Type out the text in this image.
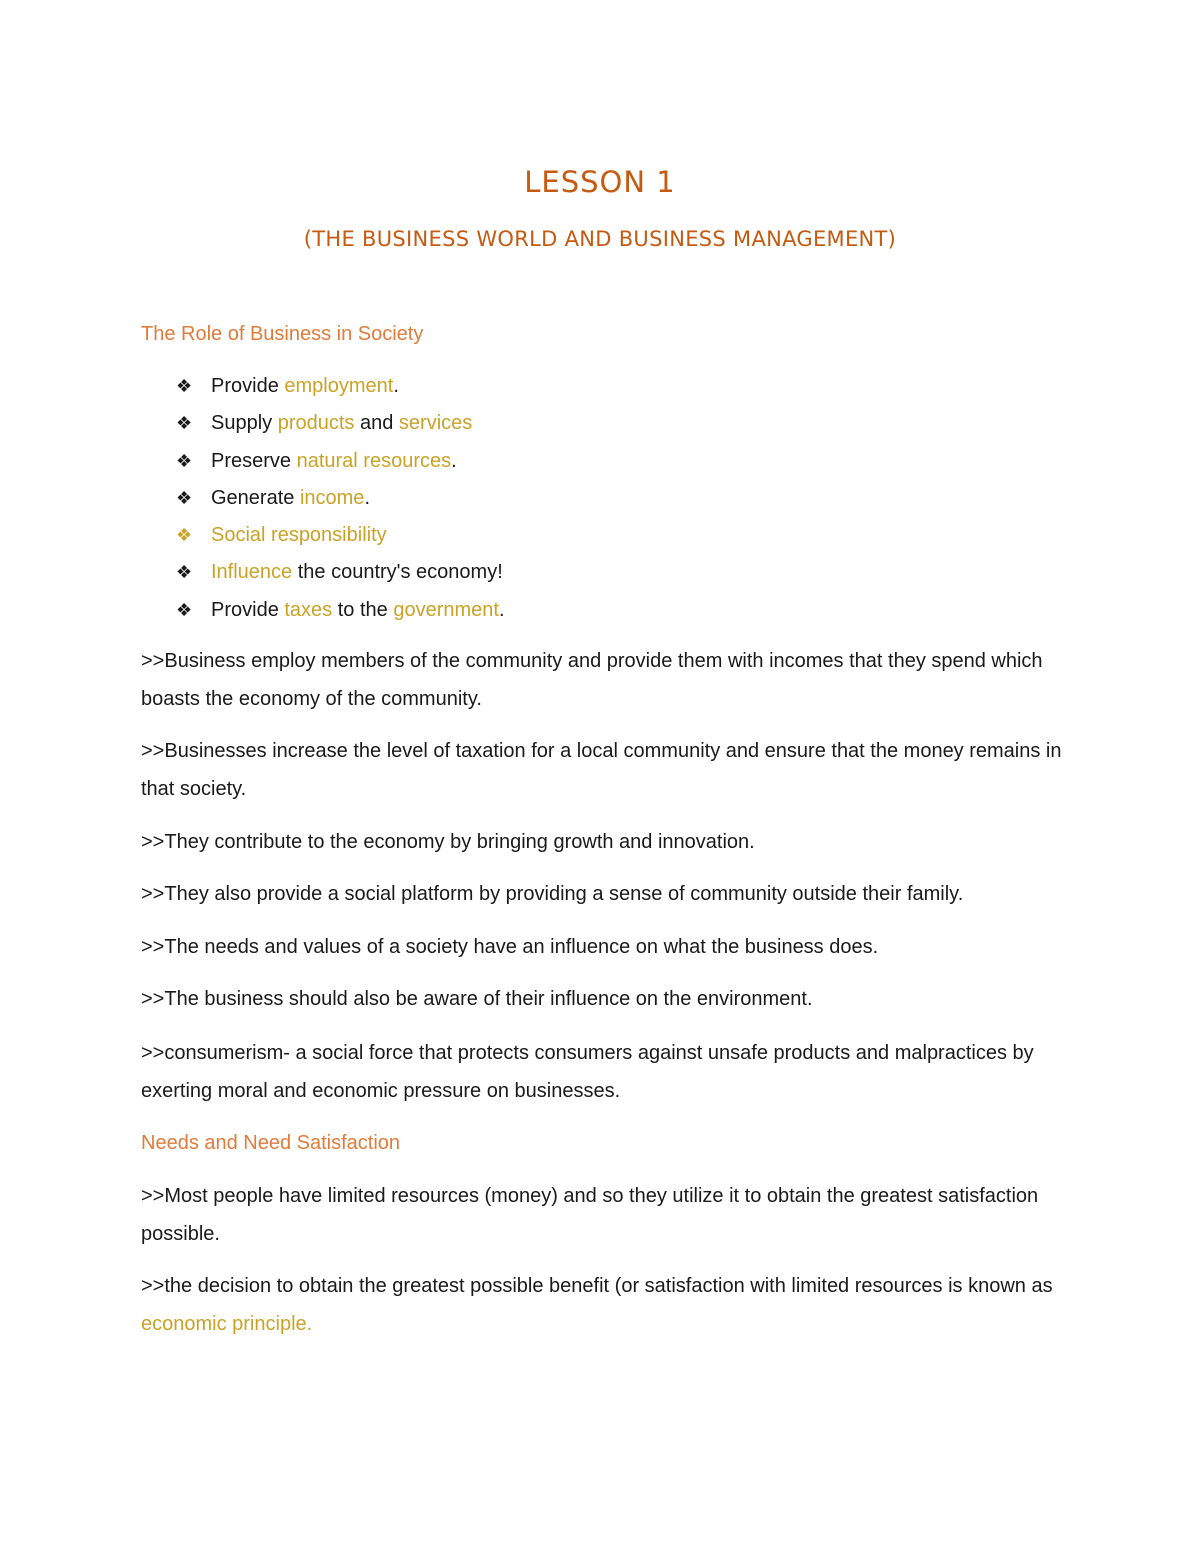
LESSON 1
(THE BUSINESS WORLD AND BUSINESS MANAGEMENT)
The Role of Business in Society
❖ Provide employment.
❖ Supply products and services
❖ Preserve natural resources.
❖ Generate income.
❖ Social responsibility
❖ Influence the country's economy!
❖ Provide taxes to the government.
>>Business employ members of the community and provide them with incomes that they spend which boasts the economy of the community.
>>Businesses increase the level of taxation for a local community and ensure that the money remains in that society.
>>They contribute to the economy by bringing growth and innovation.
>>They also provide a social platform by providing a sense of community outside their family.
>>The needs and values of a society have an influence on what the business does.
>>The business should also be aware of their influence on the environment.
>>consumerism- a social force that protects consumers against unsafe products and malpractices by exerting moral and economic pressure on businesses.
Needs and Need Satisfaction
>>Most people have limited resources (money) and so they utilize it to obtain the greatest satisfaction possible.
>>the decision to obtain the greatest possible benefit (or satisfaction with limited resources is known as economic principle.
